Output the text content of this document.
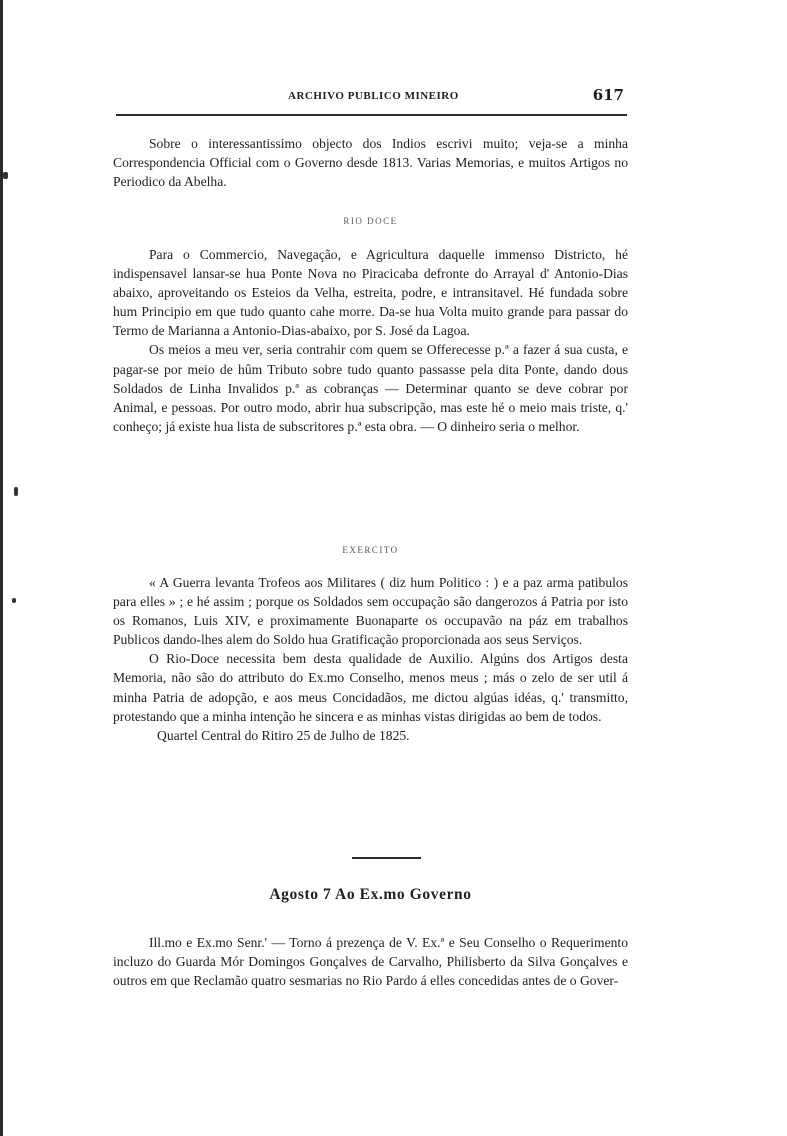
ARCHIVO PUBLICO MINEIRO	617

Sobre o interessantissimo objecto dos Indios escrivi muito; veja-se a minha Correspondencia Official com o Governo desde 1813. Varias Memorias, e muitos Artigos no Periodico da Abelha.

RIO DOCE

Para o Commercio, Navegação, e Agricultura daquelle immenso Districto, hé indispensavel lansar-se hua Ponte Nova no Piracicaba defronte do Arrayal d' Antonio-Dias abaixo, aproveitando os Esteios da Velha, estreita, podre, e intransitavel. Hé fundada sobre hum Principio em que tudo quanto cahe morre. Da-se hua Volta muito grande para passar do Termo de Marianna a Antonio-Dias-abaixo, por S. José da Lagoa.

Os meios a meu ver, seria contrahir com quem se Offerecesse p.ª a fazer á sua custa, e pagar-se por meio de hûm Tributo sobre tudo quanto passasse pela dita Ponte, dando dous Soldados de Linha Invalidos p.ª as cobranças — Determinar quanto se deve cobrar por Animal, e pessoas. Por outro modo, abrir hua subscripção, mas este hé o meio mais triste, q.' conheço; já existe hua lista de subscritores p.ª esta obra. — O dinheiro seria o melhor.

EXERCITO

« A Guerra levanta Trofeos aos Militares ( diz hum Politico : ) e a paz arma patibulos para elles » ; e hé assim ; porque os Soldados sem occupação são dangerozos á Patria por isto os Romanos, Luis XIV, e proximamente Buonaparte os occupavão na páz em trabalhos Publicos dando-lhes alem do Soldo hua Gratificação proporcionada aos seus Serviços.

O Rio-Doce necessita bem desta qualidade de Auxilio. Algúns dos Artigos desta Memoria, não são do attributo do Ex.mo Conselho, menos meus ; más o zelo de ser util á minha Patria de adopção, e aos meus Concidadãos, me dictou algúas idéas, q.' transmitto, protestando que a minha intenção he sincera e as minhas vistas dirigidas ao bem de todos.

Quartel Central do Ritiro 25 de Julho de 1825.

Agosto 7 Ao Ex.mo Governo

Ill.mo e Ex.mo Senr.' — Torno á prezença de V. Ex.ª e Seu Conselho o Requerimento incluzo do Guarda Mór Domingos Gonçalves de Carvalho, Philisberto da Silva Gonçalves e outros em que Reclamão quatro sesmarias no Rio Pardo á elles concedidas antes de o Gover-
